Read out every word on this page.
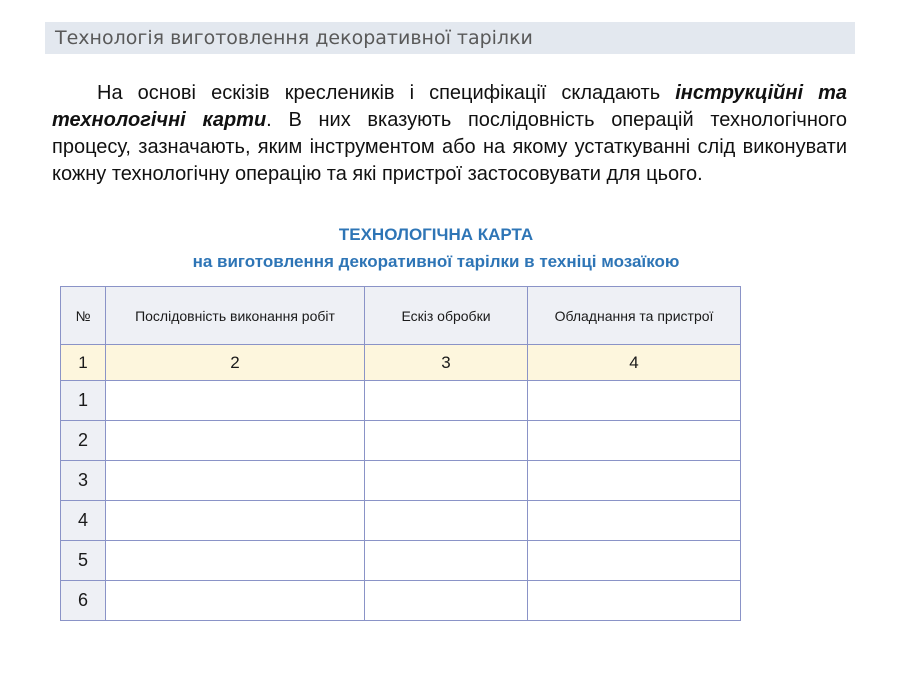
Технологія виготовлення декоративної тарілки

На основі ескізів креслеників і специфікації складають інструкційні та технологічні карти. В них вказують послідовність операцій технологічного процесу, зазначають, яким інструментом або на якому устаткуванні слід виконувати кожну технологічну операцію та які пристрої застосовувати для цього.

ТЕХНОЛОГІЧНА КАРТА
на виготовлення декоративної тарілки в техніці мозаїкою
№	Послідовність виконання робіт	Ескіз обробки	Обладнання та пристрої
1	2	3	4
1			
2			
3			
4			
5			
6			
